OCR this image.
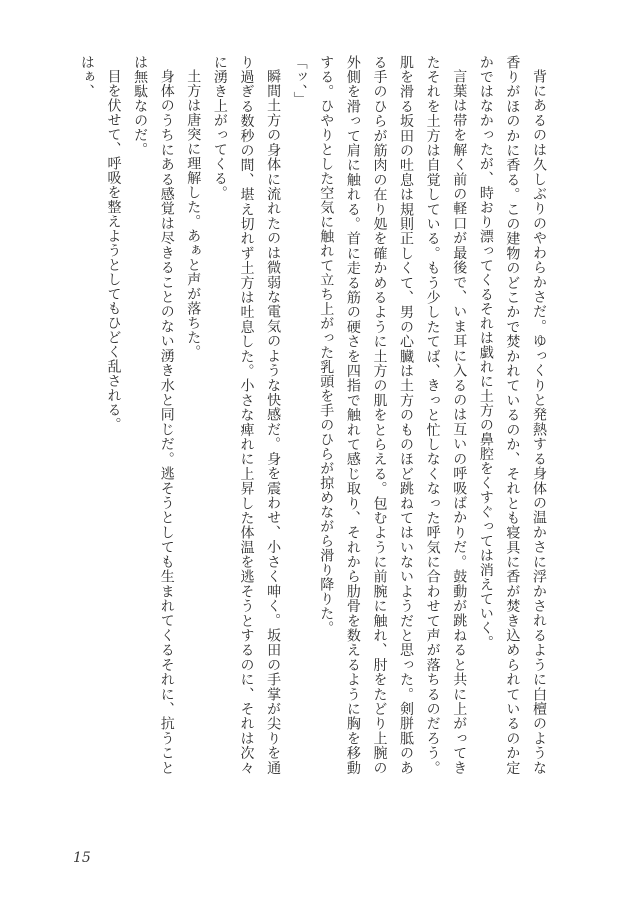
背にあるのは久しぶりのやわらかさだ。ゆっくりと発熱する身体の温かさに浮かされるように白檀のような香りがほのかに香る。この建物のどこかで焚かれているのか、それとも寝具に香が焚き込められているのか定かではなかったが、時おり漂ってくるそれは戯れに土方の鼻腔をくすぐっては消えていく。

言葉は帯を解く前の軽口が最後で、いま耳に入るのは互いの呼吸ばかりだ。鼓動が跳ねると共に上がってきたそれを土方は自覚している。もう少したてば、きっと忙しなくなった呼気に合わせて声が落ちるのだろう。肌を滑る坂田の吐息は規則正しくて、男の心臓は土方のものほど跳ねてはいないようだと思った。剣胼胝のある手のひらが筋肉の在り処を確かめるように土方の肌をとらえる。包むように前腕に触れ、肘をたどり上腕の外側を滑って肩に触れる。首に走る筋の硬さを四指で触れて感じ取り、それから肋骨を数えるように胸を移動する。ひやりとした空気に触れて立ち上がった乳頭を手のひらが掠めながら滑り降りた。

「ッ、」

瞬間土方の身体に流れたのは微弱な電気のような快感だ。身を震わせ、小さく呻く。坂田の手掌が尖りを通り過ぎる数秒の間、堪え切れず土方は吐息した。小さな痺れに上昇した体温を逃そうとするのに、それは次々に湧き上がってくる。

土方は唐突に理解した。あぁと声が落ちた。

身体のうちにある感覚は尽きることのない湧き水と同じだ。逃そうとしても生まれてくるそれに、抗うことは無駄なのだ。

目を伏せて、呼吸を整えようとしてもひどく乱される。

はぁ、

15
